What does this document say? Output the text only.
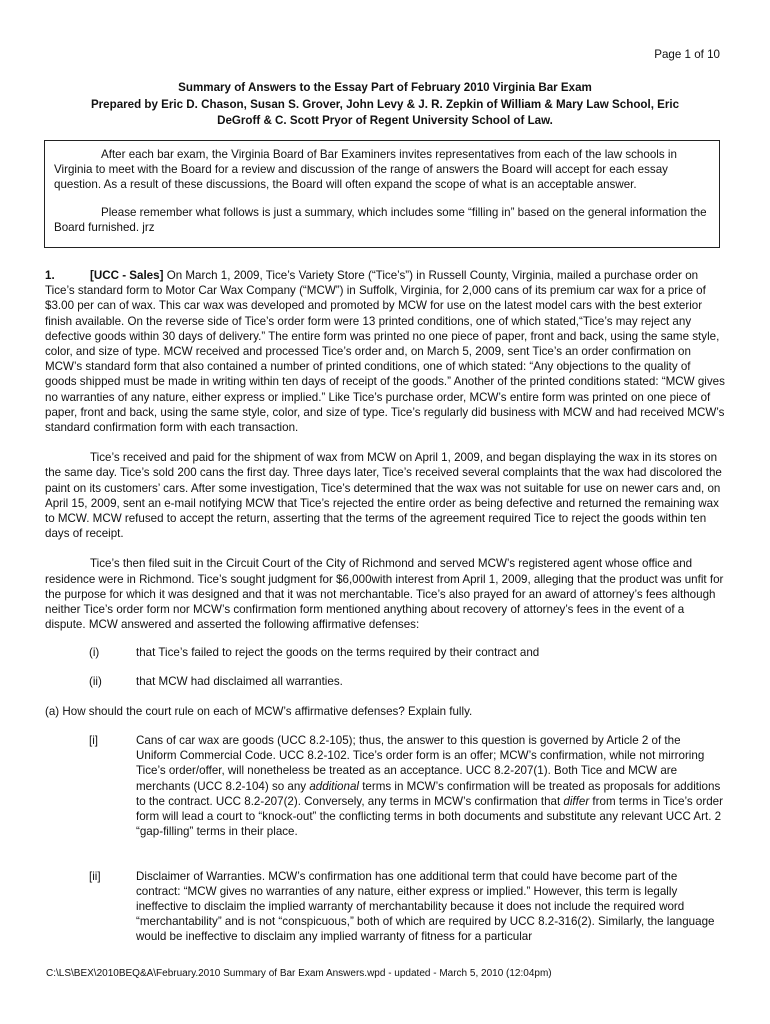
Page 1 of 10
Summary of Answers to the Essay Part of February 2010 Virginia Bar Exam
Prepared by Eric D. Chason, Susan S. Grover, John Levy & J. R. Zepkin of William & Mary Law School, Eric
DeGroff & C. Scott Pryor of Regent University School of Law.

After each bar exam, the Virginia Board of Bar Examiners invites representatives from each of the law schools in Virginia to meet with the Board for a review and discussion of the range of answers the Board will accept for each essay question. As a result of these discussions, the Board will often expand the scope of what is an acceptable answer.

Please remember what follows is just a summary, which includes some “filling in” based on the general information the Board furnished. jrz

1.	[UCC - Sales] On March 1, 2009, Tice’s Variety Store (“Tice’s”) in Russell County, Virginia, mailed a purchase order on Tice’s standard form to Motor Car Wax Company (“MCW”) in Suffolk, Virginia, for 2,000 cans of its premium car wax for a price of $3.00 per can of wax. This car wax was developed and promoted by MCW for use on the latest model cars with the best exterior finish available. On the reverse side of Tice’s order form were 13 printed conditions, one of which stated,“Tice’s may reject any defective goods within 30 days of delivery.” The entire form was printed no one piece of paper, front and back, using the same style, color, and size of type. MCW received and processed Tice’s order and, on March 5, 2009, sent Tice’s an order confirmation on MCW’s standard form that also contained a number of printed conditions, one of which stated: “Any objections to the quality of goods shipped must be made in writing within ten days of receipt of the goods.” Another of the printed conditions stated: “MCW gives no warranties of any nature, either express or implied.” Like Tice’s purchase order, MCW’s entire form was printed on one piece of paper, front and back, using the same style, color, and size of type. Tice’s regularly did business with MCW and had received MCW’s standard confirmation form with each transaction.

Tice’s received and paid for the shipment of wax from MCW on April 1, 2009, and began displaying the wax in its stores on the same day. Tice’s sold 200 cans the first day. Three days later, Tice’s received several complaints that the wax had discolored the paint on its customers’ cars. After some investigation, Tice’s determined that the wax was not suitable for use on newer cars and, on April 15, 2009, sent an e-mail notifying MCW that Tice’s rejected the entire order as being defective and returned the remaining wax to MCW. MCW refused to accept the return, asserting that the terms of the agreement required Tice to reject the goods within ten days of receipt.

Tice’s then filed suit in the Circuit Court of the City of Richmond and served MCW’s registered agent whose office and residence were in Richmond. Tice’s sought judgment for $6,000with interest from April 1, 2009, alleging that the product was unfit for the purpose for which it was designed and that it was not merchantable. Tice’s also prayed for an award of attorney’s fees although neither Tice’s order form nor MCW’s confirmation form mentioned anything about recovery of attorney’s fees in the event of a dispute. MCW answered and asserted the following affirmative defenses:

(i)	that Tice’s failed to reject the goods on the terms required by their contract and

(ii)	that MCW had disclaimed all warranties.

(a) How should the court rule on each of MCW’s affirmative defenses? Explain fully.

[i]	Cans of car wax are goods (UCC 8.2-105); thus, the answer to this question is governed by Article 2 of the Uniform Commercial Code. UCC 8.2-102. Tice’s order form is an offer; MCW’s confirmation, while not mirroring Tice’s order/offer, will nonetheless be treated as an acceptance. UCC 8.2-207(1). Both Tice and MCW are merchants (UCC 8.2-104) so any additional terms in MCW’s confirmation will be treated as proposals for additions to the contract. UCC 8.2-207(2). Conversely, any terms in MCW’s confirmation that differ from terms in Tice’s order form will lead a court to “knock-out” the conflicting terms in both documents and substitute any relevant UCC Art. 2 “gap-filling” terms in their place.
[ii]	Disclaimer of Warranties. MCW’s confirmation has one additional term that could have become part of the contract: “MCW gives no warranties of any nature, either express or implied.” However, this term is legally ineffective to disclaim the implied warranty of merchantability because it does not include the required word “merchantability” and is not “conspicuous,” both of which are required by UCC 8.2-316(2). Similarly, the language would be ineffective to disclaim any implied warranty of fitness for a particular
C:\LS\BEX\2010BEQ&A\February.2010 Summary of Bar Exam Answers.wpd - updated - March 5, 2010 (12:04pm)
